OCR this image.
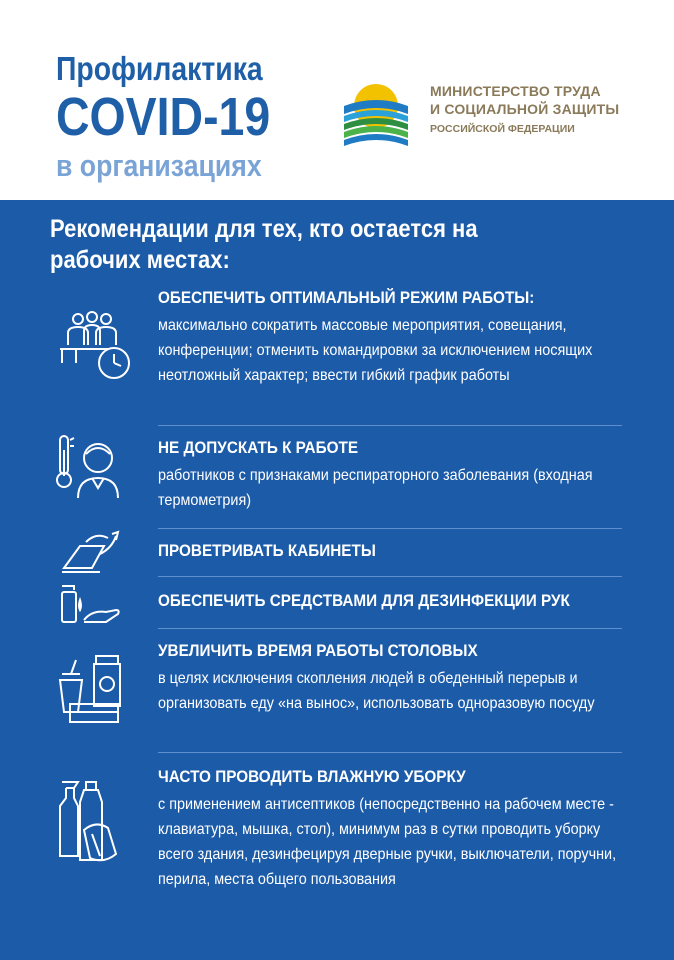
Профилактика
COVID-19
в организациях
МИНИСТЕРСТВО ТРУДА
И СОЦИАЛЬНОЙ ЗАЩИТЫ
РОССИЙСКОЙ ФЕДЕРАЦИИ
Рекомендации для тех, кто остается на рабочих местах:

ОБЕСПЕЧИТЬ ОПТИМАЛЬНЫЙ РЕЖИМ РАБОТЫ:

максимально сократить массовые мероприятия, совещания, конференции; отменить командировки за исключением носящих неотложный характер; ввести гибкий график работы

НЕ ДОПУСКАТЬ К РАБОТЕ

работников с признаками респираторного заболевания (входная термометрия)

ПРОВЕТРИВАТЬ КАБИНЕТЫ

ОБЕСПЕЧИТЬ СРЕДСТВАМИ ДЛЯ ДЕЗИНФЕКЦИИ РУК

УВЕЛИЧИТЬ ВРЕМЯ РАБОТЫ СТОЛОВЫХ

в целях исключения скопления людей в обеденный перерыв и организовать еду «на вынос», использовать одноразовую посуду

ЧАСТО ПРОВОДИТЬ ВЛАЖНУЮ УБОРКУ

с применением антисептиков (непосредственно на рабочем месте - клавиатура, мышка, стол), минимум раз в сутки проводить уборку всего здания, дезинфецируя дверные ручки, выключатели, поручни, перила, места общего пользования
